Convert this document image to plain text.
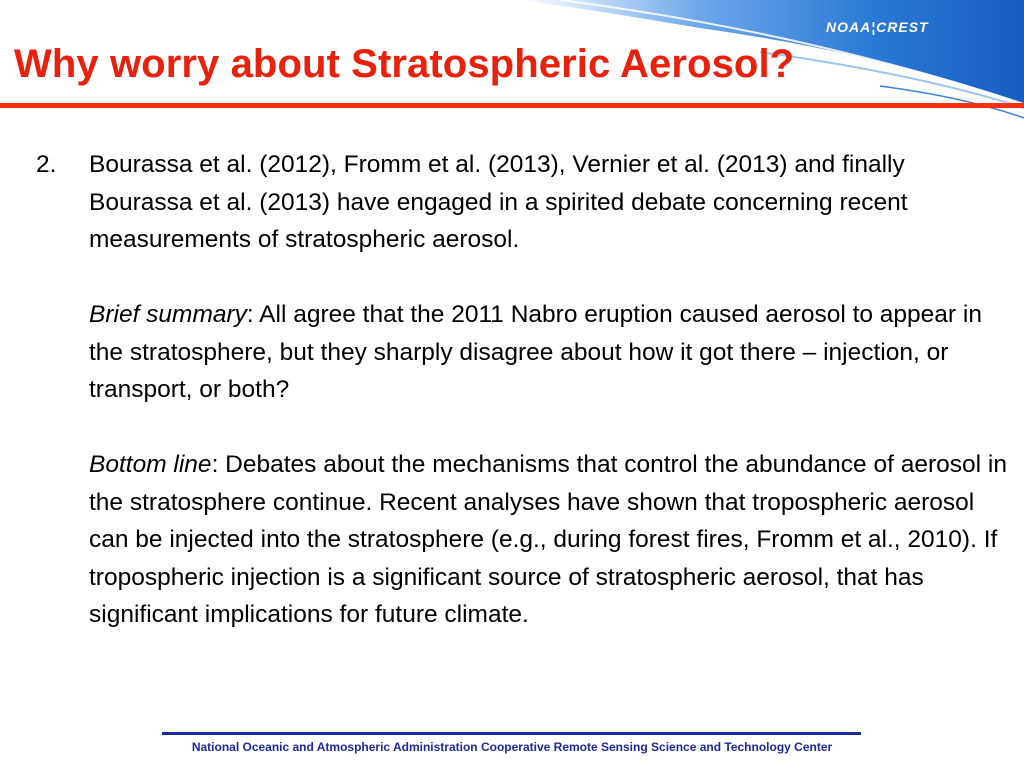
NOAA¦CREST
Why worry about Stratospheric Aerosol?
2. Bourassa et al. (2012), Fromm et al. (2013), Vernier et al. (2013) and finally Bourassa et al. (2013) have engaged in a spirited debate concerning recent measurements of stratospheric aerosol.

Brief summary: All agree that the 2011 Nabro eruption caused aerosol to appear in the stratosphere, but they sharply disagree about how it got there – injection, or transport, or both?

Bottom line: Debates about the mechanisms that control the abundance of aerosol in the stratosphere continue. Recent analyses have shown that tropospheric aerosol can be injected into the stratosphere (e.g., during forest fires, Fromm et al., 2010). If tropospheric injection is a significant source of stratospheric aerosol, that has significant implications for future climate.

National Oceanic and Atmospheric Administration Cooperative Remote Sensing Science and Technology Center
